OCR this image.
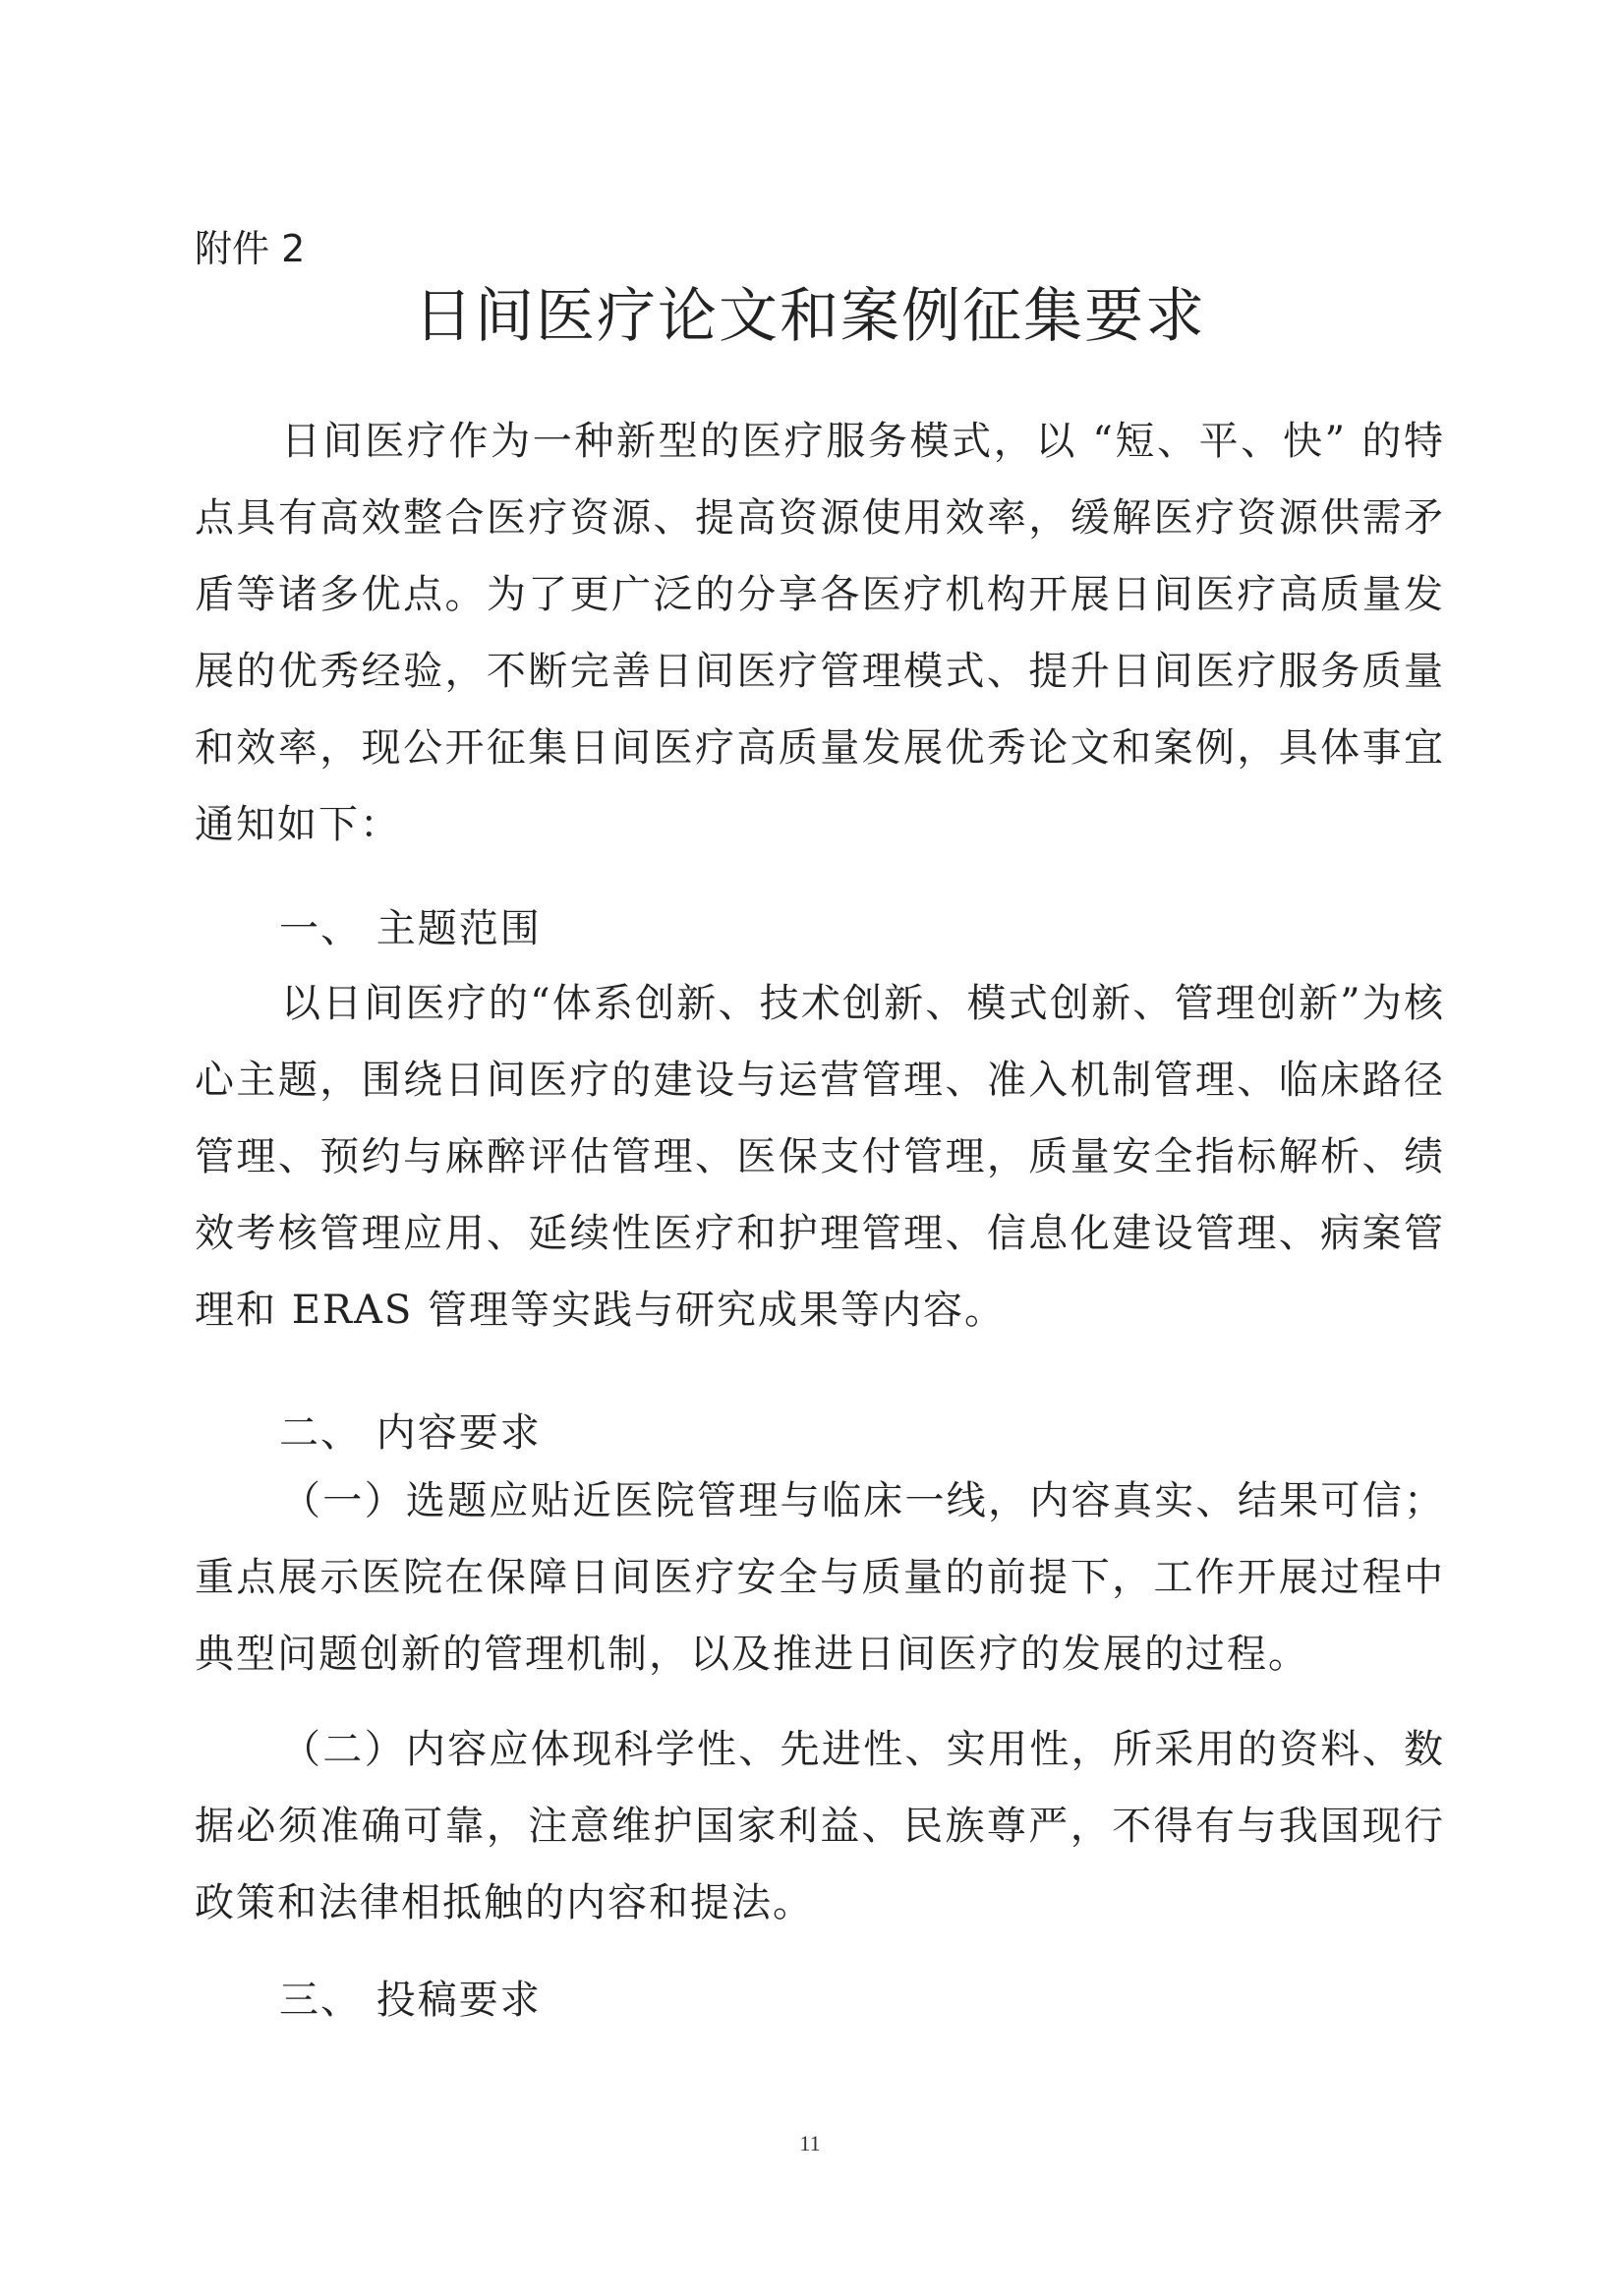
附件 2
日间医疗论文和案例征集要求

日间医疗作为一种新型的医疗服务模式，以 “短、平、快” 的特点具有高效整合医疗资源、提高资源使用效率，缓解医疗资源供需矛盾等诸多优点。为了更广泛的分享各医疗机构开展日间医疗高质量发展的优秀经验，不断完善日间医疗管理模式、提升日间医疗服务质量和效率，现公开征集日间医疗高质量发展优秀论文和案例，具体事宜通知如下：

一、 主题范围

以日间医疗的“体系创新、技术创新、模式创新、管理创新”为核心主题，围绕日间医疗的建设与运营管理、准入机制管理、临床路径管理、预约与麻醉评估管理、医保支付管理，质量安全指标解析、绩效考核管理应用、延续性医疗和护理管理、信息化建设管理、病案管理和 ERAS 管理等实践与研究成果等内容。

二、 内容要求

（一）选题应贴近医院管理与临床一线，内容真实、结果可信；重点展示医院在保障日间医疗安全与质量的前提下，工作开展过程中典型问题创新的管理机制，以及推进日间医疗的发展的过程。

（二）内容应体现科学性、先进性、实用性，所采用的资料、数据必须准确可靠，注意维护国家利益、民族尊严，不得有与我国现行政策和法律相抵触的内容和提法。

三、 投稿要求
11
